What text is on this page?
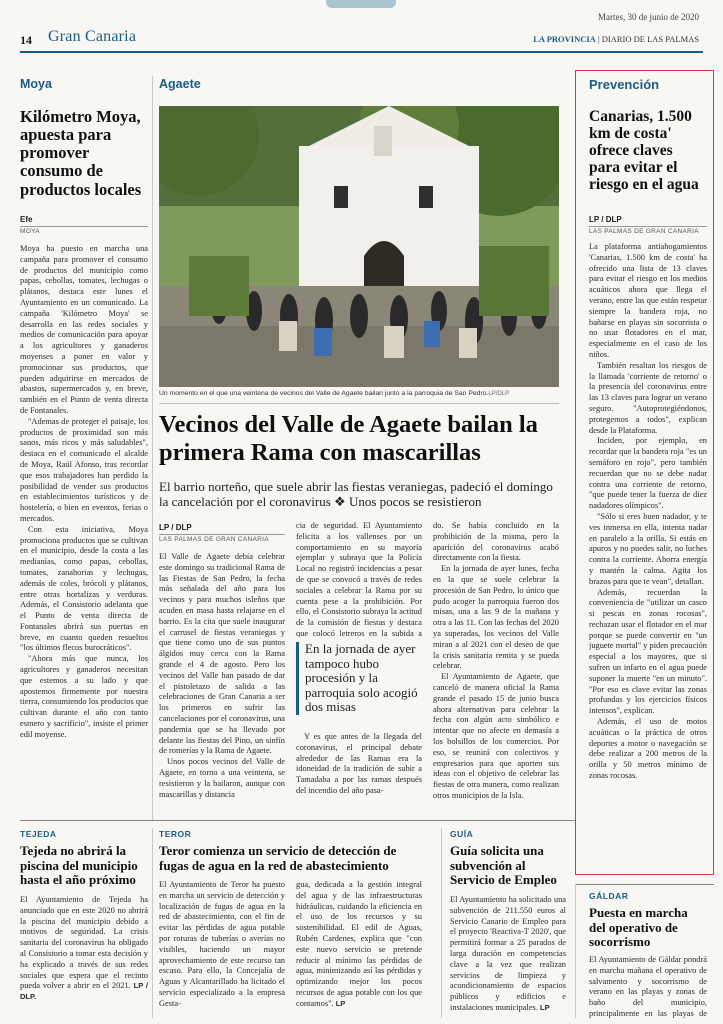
Martes, 30 de junio de 2020
14 Gran Canaria	LA PROVINCIA | DIARIO DE LAS PALMAS
Moya
Kilómetro Moya, apuesta para promover consumo de productos locales
Efe
MOYA

Moya ha puesto en marcha una campaña para promover el consumo de productos del municipio como papas, cebollas, tomates, lechugas o plátanos, destaca este lunes el Ayuntamiento en un comunicado. La campaña 'Kilómetro Moya' se desarrolla en las redes sociales y medios de comunicación para apoyar a los agricultores y ganaderos moyenses a poner en valor y promocionar sus productos, que pueden adquirirse en mercados de abastos, supermercados y, en breve, también en el Punto de venta directa de Fontanales.

"Ademas de proteger el paisaje, los productos de proximidad son más sanos, más ricos y más saludables", destaca en el comunicado el alcalde de Moya, Raúl Afonso, tras recordar que esos trabajadores han perdido la posibilidad de vender sus productos en establecimientos turísticos y de hostelería, o bien en eventos, ferias o mercados.

Con esta iniciativa, Moya promociona productos que se cultivan en el municipio, desde la costa a las medianías, como papas, cebollas, tomates, zanahorias y lechugas, además de coles, brócoli y plátanos, entre otras hortalizas y verduras. Además, el Consistorio adelanta que el Punto de venta directa de Fontanales abrirá sus puertas en breve, en cuanto queden resueltos "los últimos flecos burocráticos".

"Ahora más que nunca, los agricultores y ganaderos necesitan que estemos a su lado y que apostemos firmemente por nuestra tierra, consumiendo los productos que cultivan durante el año con tanto esmero y sacrificio", insiste el primer edil moyense.

Agaete
Un momento en el que una veintena de vecinos del Valle de Agaete bailan junto a la parroquia de San Pedro.LP/DLP
Vecinos del Valle de Agaete bailan la primera Rama con mascarillas
El barrio norteño, que suele abrir las fiestas veraniegas, padeció el domingo la cancelación por el coronavirus ❖ Unos pocos se resistieron
LP / DLP
LAS PALMAS DE GRAN CANARIA

El Valle de Agaete debía celebrar este domingo su tradicional Rama de las Fiestas de San Pedro, la fecha más señalada del año para los vecinos y para muchos isleños que acuden en masa hasta relajarse en el barrio. Es la cita que suele inaugurar el carrusel de fiestas veraniegas y que tiene como uno de sus puntos álgidos muy cerca con la Rama grande el 4 de agosto. Pero los vecinos del Valle han pasado de dar el pistoletazo de salida a las celebraciones de Gran Canaria a ser los primeros en sufrir las cancelaciones por el coronavirus, una pandemia que se ha llevado por delante las fiestas del Pino, un sinfín de romerías y la Rama de Agaete.

Unos pocos vecinos del Valle de Agaete, en torno a una veintena, se resistieron y la bailaron, aunque con mascarillas y distancia

cia de seguridad. El Ayuntamiento felicita a los vallenses por un comportamiento en su mayoría ejemplar y subraya que la Policía Local no registró incidencias a pesar de que se convocó a través de redes sociales a celebrar la Rama por su cuenta pese a la prohibición. Por ello, el Consistorio subraya la actitud de la comisión de fiestas y destaca que colocó letreros en la subida a
En la jornada de ayer tampoco hubo procesión y la parroquia solo acogió dos misas
Y es que antes de la llegada del coronavirus, el principal debate alrededor de las Ramas era la idoneidad de la tradición de subir a Tamadaba a por las ramas después del incendio del año pasa-

do. Se había concluido en la prohibición de la misma, pero la aparición del coronavirus acabó directamente con la fiesta.

En la jornada de ayer lunes, fecha en la que se suele celebrar la procesión de San Pedro, lo único que pudo acoger la parroquia fueron dos misas, una a las 9 de la mañana y otra a las 11. Con las fechas del 2020 ya superadas, los vecinos del Valle miran a al 2021 con el deseo de que la crisis sanitaria remita y se pueda celebrar.

El Ayuntamiento de Agaete, que canceló de manera oficial la Rama grande el pasado 15 de junio busca ahora alternativas para celebrar la fecha con algún acto simbólico e intentar que no afecte en demasía a los bolsillos de los comercios. Por eso, se reunirá con colectivos y empresarios para que aporten sus ideas con el objetivo de celebrar las fiestas de otra manera, como realizan otros municipios de la Isla.

Prevención
Canarias, 1.500 km de costa' ofrece claves para evitar el riesgo en el agua
LP / DLP
LAS PALMAS DE GRAN CANARIA

La plataforma antiahogamientos 'Canarias, 1.500 km de costa' ha ofrecido una lista de 13 claves para evitar el riesgo en los medios acuáticos ahora que llega el verano, entre las que están respetar siempre la bandera roja, no bañarse en playas sin socorrista o no usar flotadores en el mar, especialmente en el caso de los niños.

También resaltan los riesgos de la llamada 'corriente de retorno' o la presencia del coronavirus entre las 13 claves para lograr un verano seguro. "Autoprotegiéndonos, protegemos a todos", explican desde la Plataforma.

Inciden, por ejemplo, en recordar que la bandera roja "es un semáforo en rojo", pero también recuerdan que no se debe nadar contra una corriente de retorno, "que puede tener la fuerza de diez nadadores olímpicos".

"Sólo si eres buen nadador, y te ves inmersa en ella, intenta nadar en paralelo a la orilla. Si estás en apuros y no puedes salir, no luches contra la corriente. Ahorra energía y mantén la calma. Agita los brazos para que te vean", detallan.

Además, recuerdan la conveniencia de "utilizar un casco si pescas en zonas rocosas", rechazan usar el flotador en el mar porque se puede convertir en "un juguete mortal" y piden precaución especial a los mayores, que si sufren un infarto en el agua puede suponer la muerte "en un minuto". "Por eso es clave evitar las zonas profundas y los ejercicios físicos intensos", explican.

Además, el uso de motos acuáticas o la práctica de otros deportes a motor o navegación se debe realizar a 200 metros de la orilla y 50 metros mínimo de zonas rocosas.

TEJEDA
Tejeda no abrirá la piscina del municipio hasta el año próximo
El Ayuntamiento de Tejeda ha anunciado que en este 2020 no abrirá la piscina del municipio debido a motivos de seguridad. La crisis sanitaria del coronavirus ha obligado al Consistorio a tomar esta decisión y ha explicado a través de sus redes sociales que espera que el recinto pueda volver a abrir en el 2021. LP / DLP.
TEROR
Teror comienza un servicio de detección de fugas de agua en la red de abastecimiento
El Ayuntamiento de Teror ha puesto en marcha un servicio de detección y localización de fugas de agua en la red de abastecimiento, con el fin de evitar las pérdidas de agua potable por roturas de tuberías o averías no visibles, haciendo un mayor aprovechamiento de este recurso tan escaso. Para ello, la Concejalía de Aguas y Alcantarillado ha licitado el servicio especializado a la empresa Gesta-
gua, dedicada a la gestión integral del agua y de las infraestructuras hidráulicas, cuidando la eficiencia en el uso de los recursos y su sostenibilidad. El edil de Aguas, Rubén Cardenes, explica que "con este nuevo servicio se pretende reducir al mínimo las pérdidas de agua, minimizando así las pérdidas y optimizando mejor los pocos recursos de agua potable con los que contamos". LP
GUÍA
Guía solicita una subvención al Servicio de Empleo
El Ayuntamiento ha solicitado una subvención de 211.550 euros al Servicio Canario de Empleo para el proyecto 'Reactiva-T 2020', que permitirá formar a 25 parados de larga duración en competencias clave a la vez que realizan servicios de limpieza y acondicionamiento de espacios públicos y edificios e instalaciones municipales. LP
GÁLDAR
Puesta en marcha del operativo de socorrismo
El Ayuntamiento de Gáldar pondrá en marcha mañana el operativo de salvamento y socorrismo de verano en las playas y zonas de baño del municipio, principalmente en las playas de
